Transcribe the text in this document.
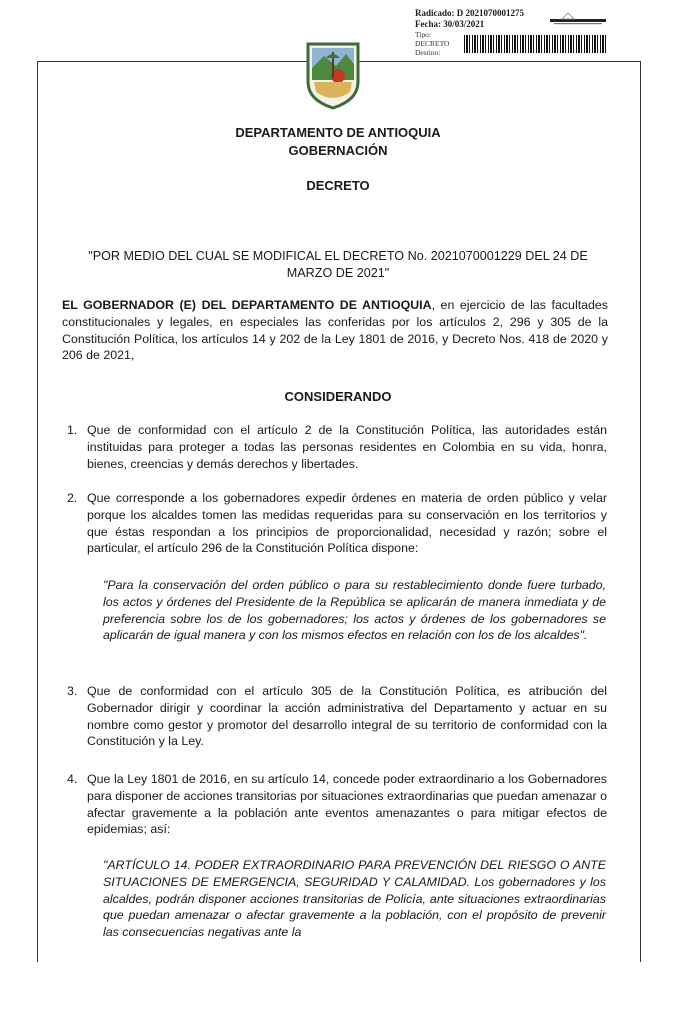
Radicado: D 2021070001275
Fecha: 30/03/2021
Tipo:
DECRETO
Destino:
DEPARTAMENTO DE ANTIOQUIA
GOBERNACIÓN
DECRETO
"POR MEDIO DEL CUAL SE MODIFICAL EL DECRETO No. 2021070001229 DEL 24 DE
MARZO DE 2021"
EL GOBERNADOR (E) DEL DEPARTAMENTO DE ANTIOQUIA, en ejercicio de las facultades constitucionales y legales, en especiales las conferidas por los artículos 2, 296 y 305 de la Constitución Política, los artículos 14 y 202 de la Ley 1801 de 2016, y Decreto Nos. 418 de 2020 y 206 de 2021,
CONSIDERANDO
1. Que de conformidad con el artículo 2 de la Constitución Política, las autoridades están instituidas para proteger a todas las personas residentes en Colombia en su vida, honra, bienes, creencias y demás derechos y libertades.
2. Que corresponde a los gobernadores expedir órdenes en materia de orden público y velar porque los alcaldes tomen las medidas requeridas para su conservación en los territorios y que éstas respondan a los principios de proporcionalidad, necesidad y razón; sobre el particular, el artículo 296 de la Constitución Política dispone:
"Para la conservación del orden público o para su restablecimiento donde fuere turbado, los actos y órdenes del Presidente de la República se aplicarán de manera inmediata y de preferencia sobre los de los gobernadores; los actos y órdenes de los gobernadores se aplicarán de igual manera y con los mismos efectos en relación con los de los alcaldes".
3. Que de conformidad con el artículo 305 de la Constitución Política, es atribución del Gobernador dirigir y coordinar la acción administrativa del Departamento y actuar en su nombre como gestor y promotor del desarrollo integral de su territorio de conformidad con la Constitución y la Ley.
4. Que la Ley 1801 de 2016, en su artículo 14, concede poder extraordinario a los Gobernadores para disponer de acciones transitorias por situaciones extraordinarias que puedan amenazar o afectar gravemente a la población ante eventos amenazantes o para mitigar efectos de epidemias; así:
"ARTÍCULO 14. PODER EXTRAORDINARIO PARA PREVENCIÓN DEL RIESGO O ANTE SITUACIONES DE EMERGENCIA, SEGURIDAD Y CALAMIDAD. Los gobernadores y los alcaldes, podrán disponer acciones transitorias de Policía, ante situaciones extraordinarias que puedan amenazar o afectar gravemente a la población, con el propósito de prevenir las consecuencias negativas ante la
